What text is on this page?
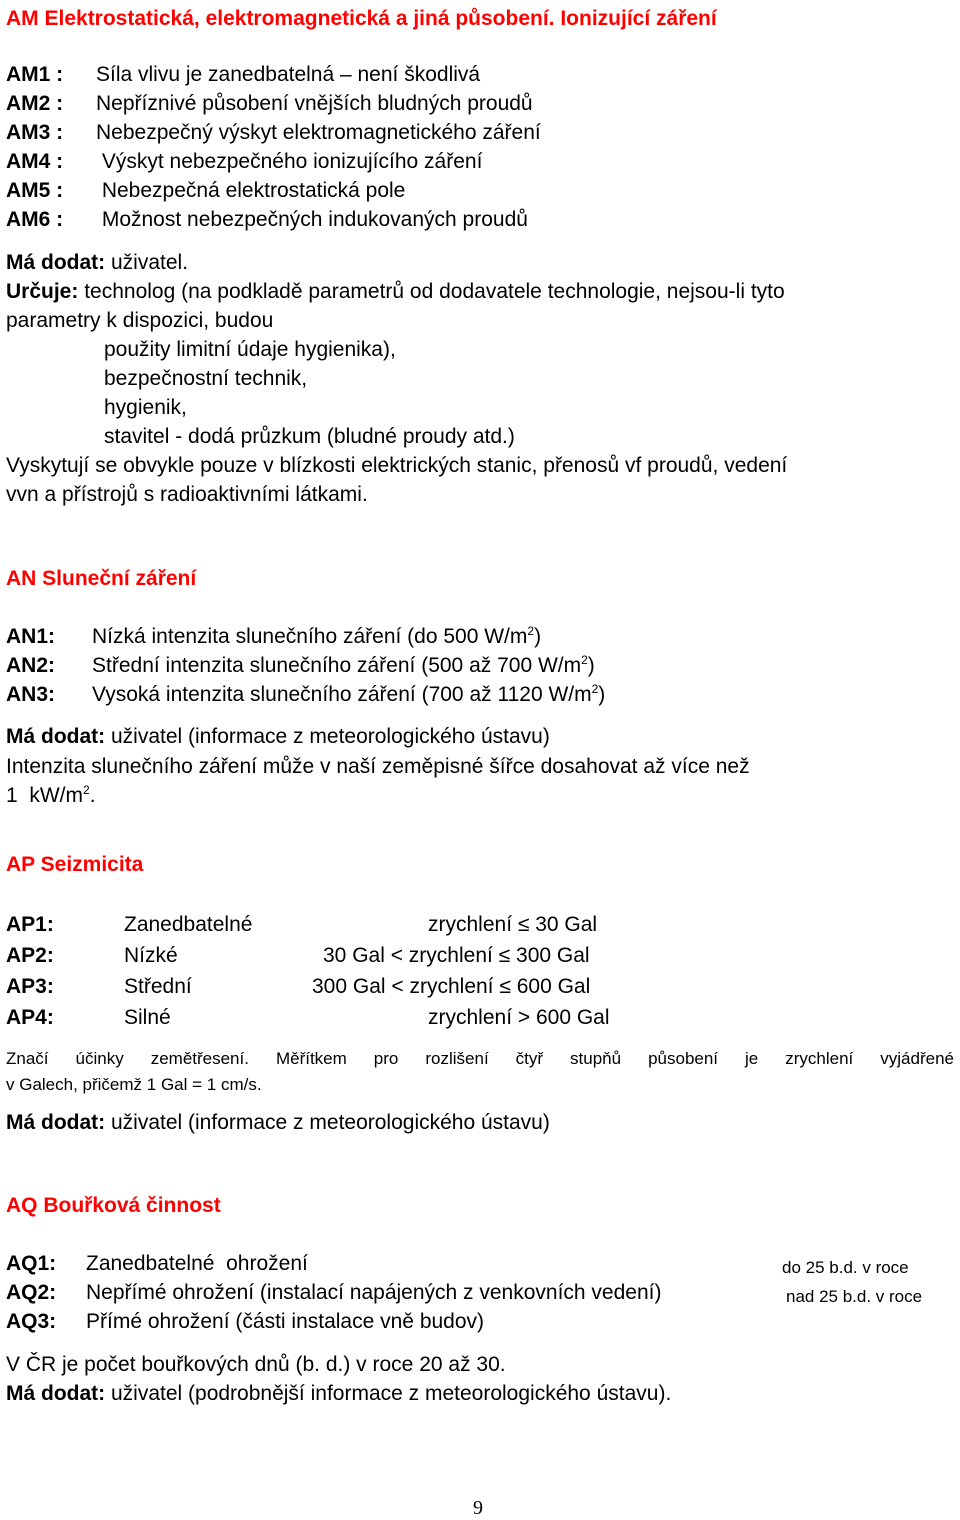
AM Elektrostatická, elektromagnetická a jiná působení. Ionizující záření
AM1 : Síla vlivu je zanedbatelná – není škodlivá
AM2 : Nepříznivé působení vnějších bludných proudů
AM3 : Nebezpečný výskyt elektromagnetického záření
AM4 : Výskyt nebezpečného ionizujícího záření
AM5 : Nebezpečná elektrostatická pole
AM6 : Možnost nebezpečných indukovaných proudů
Má dodat: uživatel.
Určuje: technolog (na podkladě parametrů od dodavatele technologie, nejsou-li tyto
parametry k dispozici, budou
použity limitní údaje hygienika),
bezpečnostní technik,
hygienik,
stavitel - dodá průzkum (bludné proudy atd.)
Vyskytují se obvykle pouze v blízkosti elektrických stanic, přenosů vf proudů, vedení
vvn a přístrojů s radioaktivními látkami.
AN Sluneční záření
AN1: Nízká intenzita slunečního záření (do 500 $W/m^2$)
AN2: Střední intenzita slunečního záření (500 až 700 $W/m^2$)
AN3: Vysoká intenzita slunečního záření (700 až 1120 $W/m^2$)
Má dodat: uživatel (informace z meteorologického ústavu)
Intenzita slunečního záření může v naší zeměpisné šířce dosahovat až více než
1  $kW/m^2$.
AP Seizmicita
AP1:	Zanedbatelné	zrychlení ≤ 30 Gal
AP2:	Nízké	30 Gal < zrychlení ≤ 300 Gal
AP3:	Střední	300 Gal < zrychlení ≤ 600 Gal
AP4:	Silné	zrychlení > 600 Gal
Značí účinky zemětřesení. Měřítkem pro rozlišení čtyř stupňů působení je zrychlení vyjádřené
v Galech, přičemž 1 Gal = 1 cm/s.
Má dodat: uživatel (informace z meteorologického ústavu)
AQ Bouřková činnost
AQ1: Zanedbatelné  ohrožení	do 25 b.d. v roce
AQ2: Nepřímé ohrožení (instalací napájených z venkovních vedení)	nad 25 b.d. v roce
AQ3: Přímé ohrožení (části instalace vně budov)
V ČR je počet bouřkových dnů (b. d.) v roce 20 až 30.
Má dodat: uživatel (podrobnější informace z meteorologického ústavu).
9
